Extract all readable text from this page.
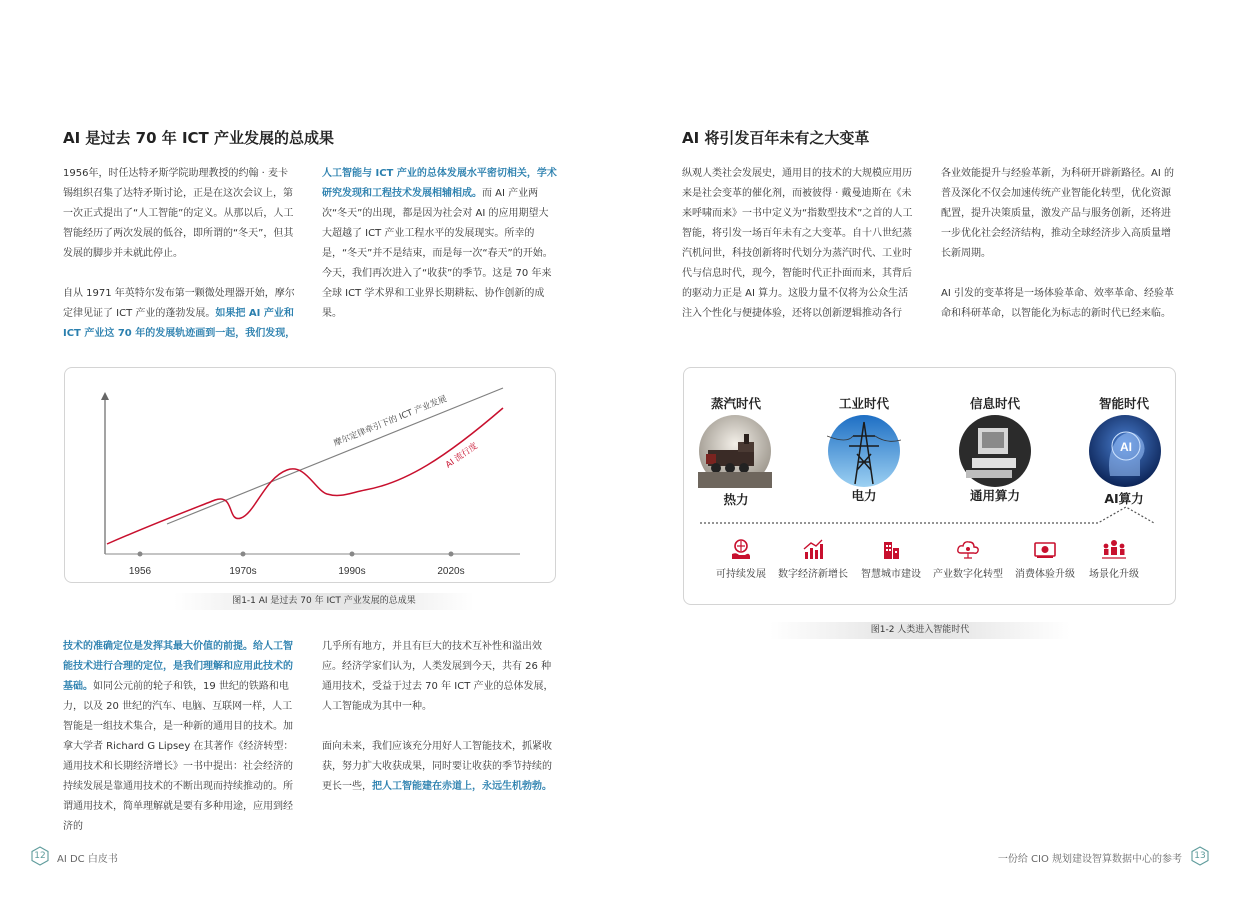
AI 是过去 70 年 ICT 产业发展的总成果

1956年，时任达特矛斯学院助理教授的约翰 · 麦卡锡组织召集了达特矛斯讨论，正是在这次会议上，第一次正式提出了“人工智能”的定义。从那以后，人工智能经历了两次发展的低谷，即所谓的“冬天”，但其发展的脚步并未就此停止。

自从 1971 年英特尔发布第一颗微处理器开始，摩尔定律见证了 ICT 产业的蓬勃发展。如果把 AI 产业和 ICT 产业这 70 年的发展轨迹画到一起，我们发现，

人工智能与 ICT 产业的总体发展水平密切相关，学术研究发现和工程技术发展相辅相成。而 AI 产业两次“冬天”的出现，都是因为社会对 AI 的应用期望大大超越了 ICT 产业工程水平的发展现实。所幸的是，“冬天”并不是结束，而是每一次“春天”的开始。今天，我们再次进入了“收获”的季节。这是 70 年来全球 ICT 学术界和工业界长期耕耘、协作创新的成果。

1956	1970s	1990s	2020s
摩尔定律牵引下的 ICT 产业发展
AI 流行度
图1-1 AI 是过去 70 年 ICT 产业发展的总成果

技术的准确定位是发挥其最大价值的前提。给人工智能技术进行合理的定位，是我们理解和应用此技术的基础。如同公元前的轮子和铁，19 世纪的铁路和电力，以及 20 世纪的汽车、电脑、互联网一样，人工智能是一组技术集合，是一种新的通用目的技术。加拿大学者 Richard G Lipsey 在其著作《经济转型：通用技术和长期经济增长》一书中提出：社会经济的持续发展是靠通用技术的不断出现而持续推动的。所谓通用技术，简单理解就是要有多种用途，应用到经济的

几乎所有地方，并且有巨大的技术互补性和溢出效应。经济学家们认为，人类发展到今天，共有 26 种通用技术，受益于过去 70 年 ICT 产业的总体发展，人工智能成为其中一种。

面向未来，我们应该充分用好人工智能技术，抓紧收获，努力扩大收获成果，同时要让收获的季节持续的更长一些，把人工智能建在赤道上，永远生机勃勃。

AI 将引发百年未有之大变革
纵观人类社会发展史，通用目的技术的大规模应用历来是社会变革的催化剂，而被彼得 · 戴曼迪斯在《未来呼啸而来》一书中定义为“指数型技术”之首的人工智能，将引发一场百年未有之大变革。自十八世纪蒸汽机问世，科技创新将时代划分为蒸汽时代、工业时代与信息时代，现今，智能时代正扑面而来，其背后的驱动力正是 AI 算力。这股力量不仅将为公众生活注入个性化与便捷体验，还将以创新逻辑推动各行

各业效能提升与经验革新，为科研开辟新路径。AI 的普及深化不仅会加速传统产业智能化转型，优化资源配置，提升决策质量，激发产品与服务创新，还将进一步优化社会经济结构，推动全球经济步入高质量增长新周期。

AI 引发的变革将是一场体验革命、效率革命、经验革命和科研革命，以智能化为标志的新时代已经来临。

蒸汽时代
热力
工业时代
电力
信息时代
通用算力
智能时代
AI
AI算力
可持续发展	数字经济新增长	智慧城市建设	产业数字化转型	消费体验升级	场景化升级
图1-2 人类进入智能时代
12	AI DC 白皮书	一份给 CIO 规划建设智算数据中心的参考	13
